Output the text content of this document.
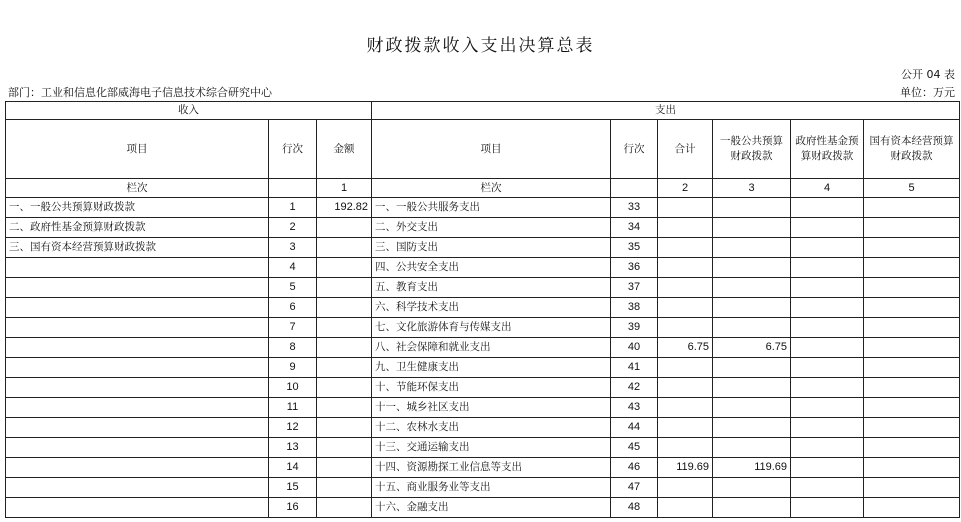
财政拨款收入支出决算总表
公开 04 表
部门：工业和信息化部威海电子信息技术综合研究中心	单位：万元
收入			支出					
项目	行次	金额	项目	行次	合计	一般公共预算财政拨款	政府性基金预算财政拨款	国有资本经营预算财政拨款
栏次		1	栏次		2	3	4	5
一、一般公共预算财政拨款	1	192.82	一、一般公共服务支出	33				
二、政府性基金预算财政拨款	2		二、外交支出	34				
三、国有资本经营预算财政拨款	3		三、国防支出	35				
	4		四、公共安全支出	36				
	5		五、教育支出	37				
	6		六、科学技术支出	38				
	7		七、文化旅游体育与传媒支出	39				
	8		八、社会保障和就业支出	40	6.75	6.75		
	9		九、卫生健康支出	41				
	10		十、节能环保支出	42				
	11		十一、城乡社区支出	43				
	12		十二、农林水支出	44				
	13		十三、交通运输支出	45				
	14		十四、资源勘探工业信息等支出	46	119.69	119.69		
	15		十五、商业服务业等支出	47				
	16		十六、金融支出	48				
